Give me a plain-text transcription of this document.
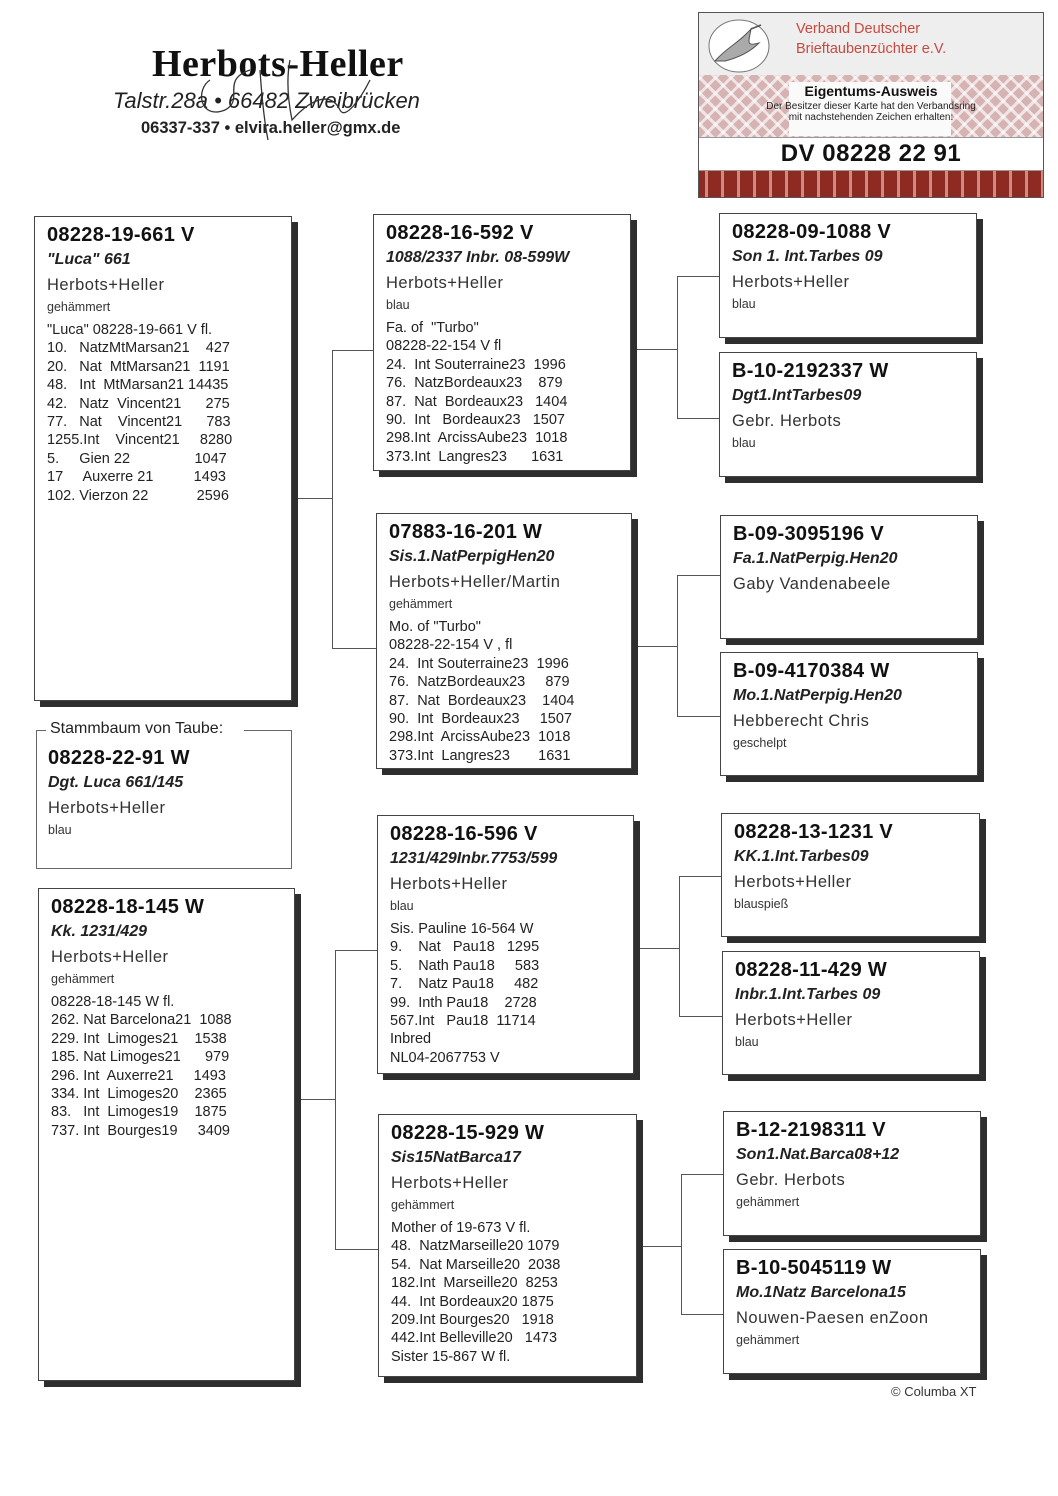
Herbots-Heller
Talstr.28a • 66482 Zweibrücken
06337-337 • elvira.heller@gmx.de
Verband Deutscher
Brieftaubenzüchter e.V.
Eigentums-Ausweis
Der Besitzer dieser Karte hat den Verbandsring
mit nachstehenden Zeichen erhalten:
DV 08228 22 91
08228-19-661 V
"Luca" 661
Herbots+Heller
gehämmert
"Luca" 08228-19-661 V fl.
10.   NatzMtMarsan21    427
20.   Nat  MtMarsan21  1191
48.   Int  MtMarsan21 14435
42.   Natz  Vincent21      275
77.   Nat    Vincent21      783
1255.Int    Vincent21     8280
5.     Gien 22                1047
17     Auxerre 21          1493
102. Vierzon 22            2596
Stammbaum von Taube:
08228-22-91 W
Dgt. Luca 661/145
Herbots+Heller
blau
08228-18-145 W
Kk. 1231/429
Herbots+Heller
gehämmert
08228-18-145 W fl.
262. Nat Barcelona21  1088
229. Int  Limoges21    1538
185. Nat Limoges21      979
296. Int  Auxerre21     1493
334. Int  Limoges20    2365
83.   Int  Limoges19    1875
737. Int  Bourges19     3409
08228-16-592 V
1088/2337 Inbr. 08-599W
Herbots+Heller
blau
Fa. of  "Turbo"
08228-22-154 V fl
24.  Int Souterraine23  1996
76.  NatzBordeaux23    879
87.  Nat  Bordeaux23   1404
90.  Int   Bordeaux23   1507
298.Int  ArcissAube23  1018
373.Int  Langres23      1631
07883-16-201 W
Sis.1.NatPerpigHen20
Herbots+Heller/Martin
gehämmert
Mo. of "Turbo"
08228-22-154 V , fl
24.  Int Souterraine23  1996
76.  NatzBordeaux23     879
87.  Nat  Bordeaux23    1404
90.  Int  Bordeaux23     1507
298.Int  ArcissAube23  1018
373.Int  Langres23       1631
08228-16-596 V
1231/429Inbr.7753/599
Herbots+Heller
blau
Sis. Pauline 16-564 W
9.    Nat   Pau18   1295
5.    Nath Pau18     583
7.    Natz Pau18     482
99.  Inth Pau18    2728
567.Int   Pau18  11714
Inbred
NL04-2067753 V
08228-15-929 W
Sis15NatBarca17
Herbots+Heller
gehämmert
Mother of 19-673 V fl.
48.  NatzMarseille20 1079
54.  Nat Marseille20  2038
182.Int  Marseille20  8253
44.  Int Bordeaux20 1875
209.Int Bourges20   1918
442.Int Belleville20   1473
Sister 15-867 W fl.
08228-09-1088 V
Son 1. Int.Tarbes 09
Herbots+Heller
blau
B-10-2192337 W
Dgt1.IntTarbes09
Gebr. Herbots
blau
B-09-3095196 V
Fa.1.NatPerpig.Hen20
Gaby Vandenabeele
B-09-4170384 W
Mo.1.NatPerpig.Hen20
Hebberecht Chris
geschelpt
08228-13-1231 V
KK.1.Int.Tarbes09
Herbots+Heller
blauspieß
08228-11-429 W
Inbr.1.Int.Tarbes 09
Herbots+Heller
blau
B-12-2198311 V
Son1.Nat.Barca08+12
Gebr. Herbots
gehämmert
B-10-5045119 W
Mo.1Natz Barcelona15
Nouwen-Paesen enZoon
gehämmert
© Columba XT
